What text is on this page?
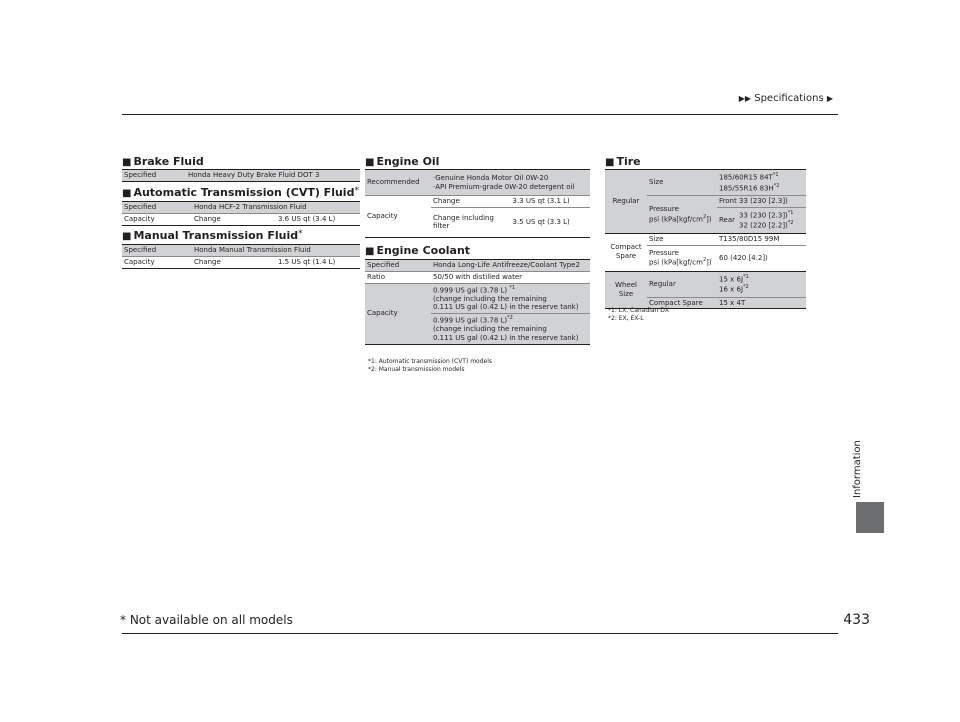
▶▶ Specifications ▶
■ Brake Fluid
Specified	Honda Heavy Duty Brake Fluid DOT 3
■ Automatic Transmission (CVT) Fluid*
Specified	Honda HCF-2 Transmission Fluid	
Capacity	Change	3.6 US qt (3.4 L)
■ Manual Transmission Fluid*
Specified	Honda Manual Transmission Fluid	
Capacity	Change	1.5 US qt (1.4 L)
■ Engine Oil
Recommended	·Genuine Honda Motor Oil 0W-20
·API Premium-grade 0W-20 detergent oil	

Capacity	Change	3.3 US qt (3.1 L)
	Change including filter	3.5 US qt (3.3 L)
■ Engine Coolant
Specified	Honda Long-Life Antifreeze/Coolant Type2
Ratio	50/50 with distilled water
Capacity	0.999 US gal (3.78 L) $^{*1}$
(change including the remaining
0.111 US gal (0.42 L) in the reserve tank)

	0.999 US gal (3.78 L)$^{*2}$
(change including the remaining
0.111 US gal (0.42 L) in the reserve tank)
*1: Automatic transmission (CVT) models
*2: Manual transmission models
■ Tire
Regular	Size	185/60R15 $84T^{*1}$
185/55R16 $83H^{*2}$

	Pressure
psi $(kPa[kgf/cm^2])$	Front	33 (230 [2.3])
		Rear	33 (230 [2.3])$^{*1}$
32 (220 [2.2])$^{*2}$

Compact Spare	Size	T135/80D15 99M	

	Pressure
psi $(kPa[kgf/cm^2])$	60 (420 [4.2])	
Wheel Size	Regular	15 x $6J^{*1}$
16 x $6J^{*2}$

	Compact Spare	15 x 4T	
*1: LX, Canadian DX
*2: EX, EX-L
Information
433
* Not available on all models
